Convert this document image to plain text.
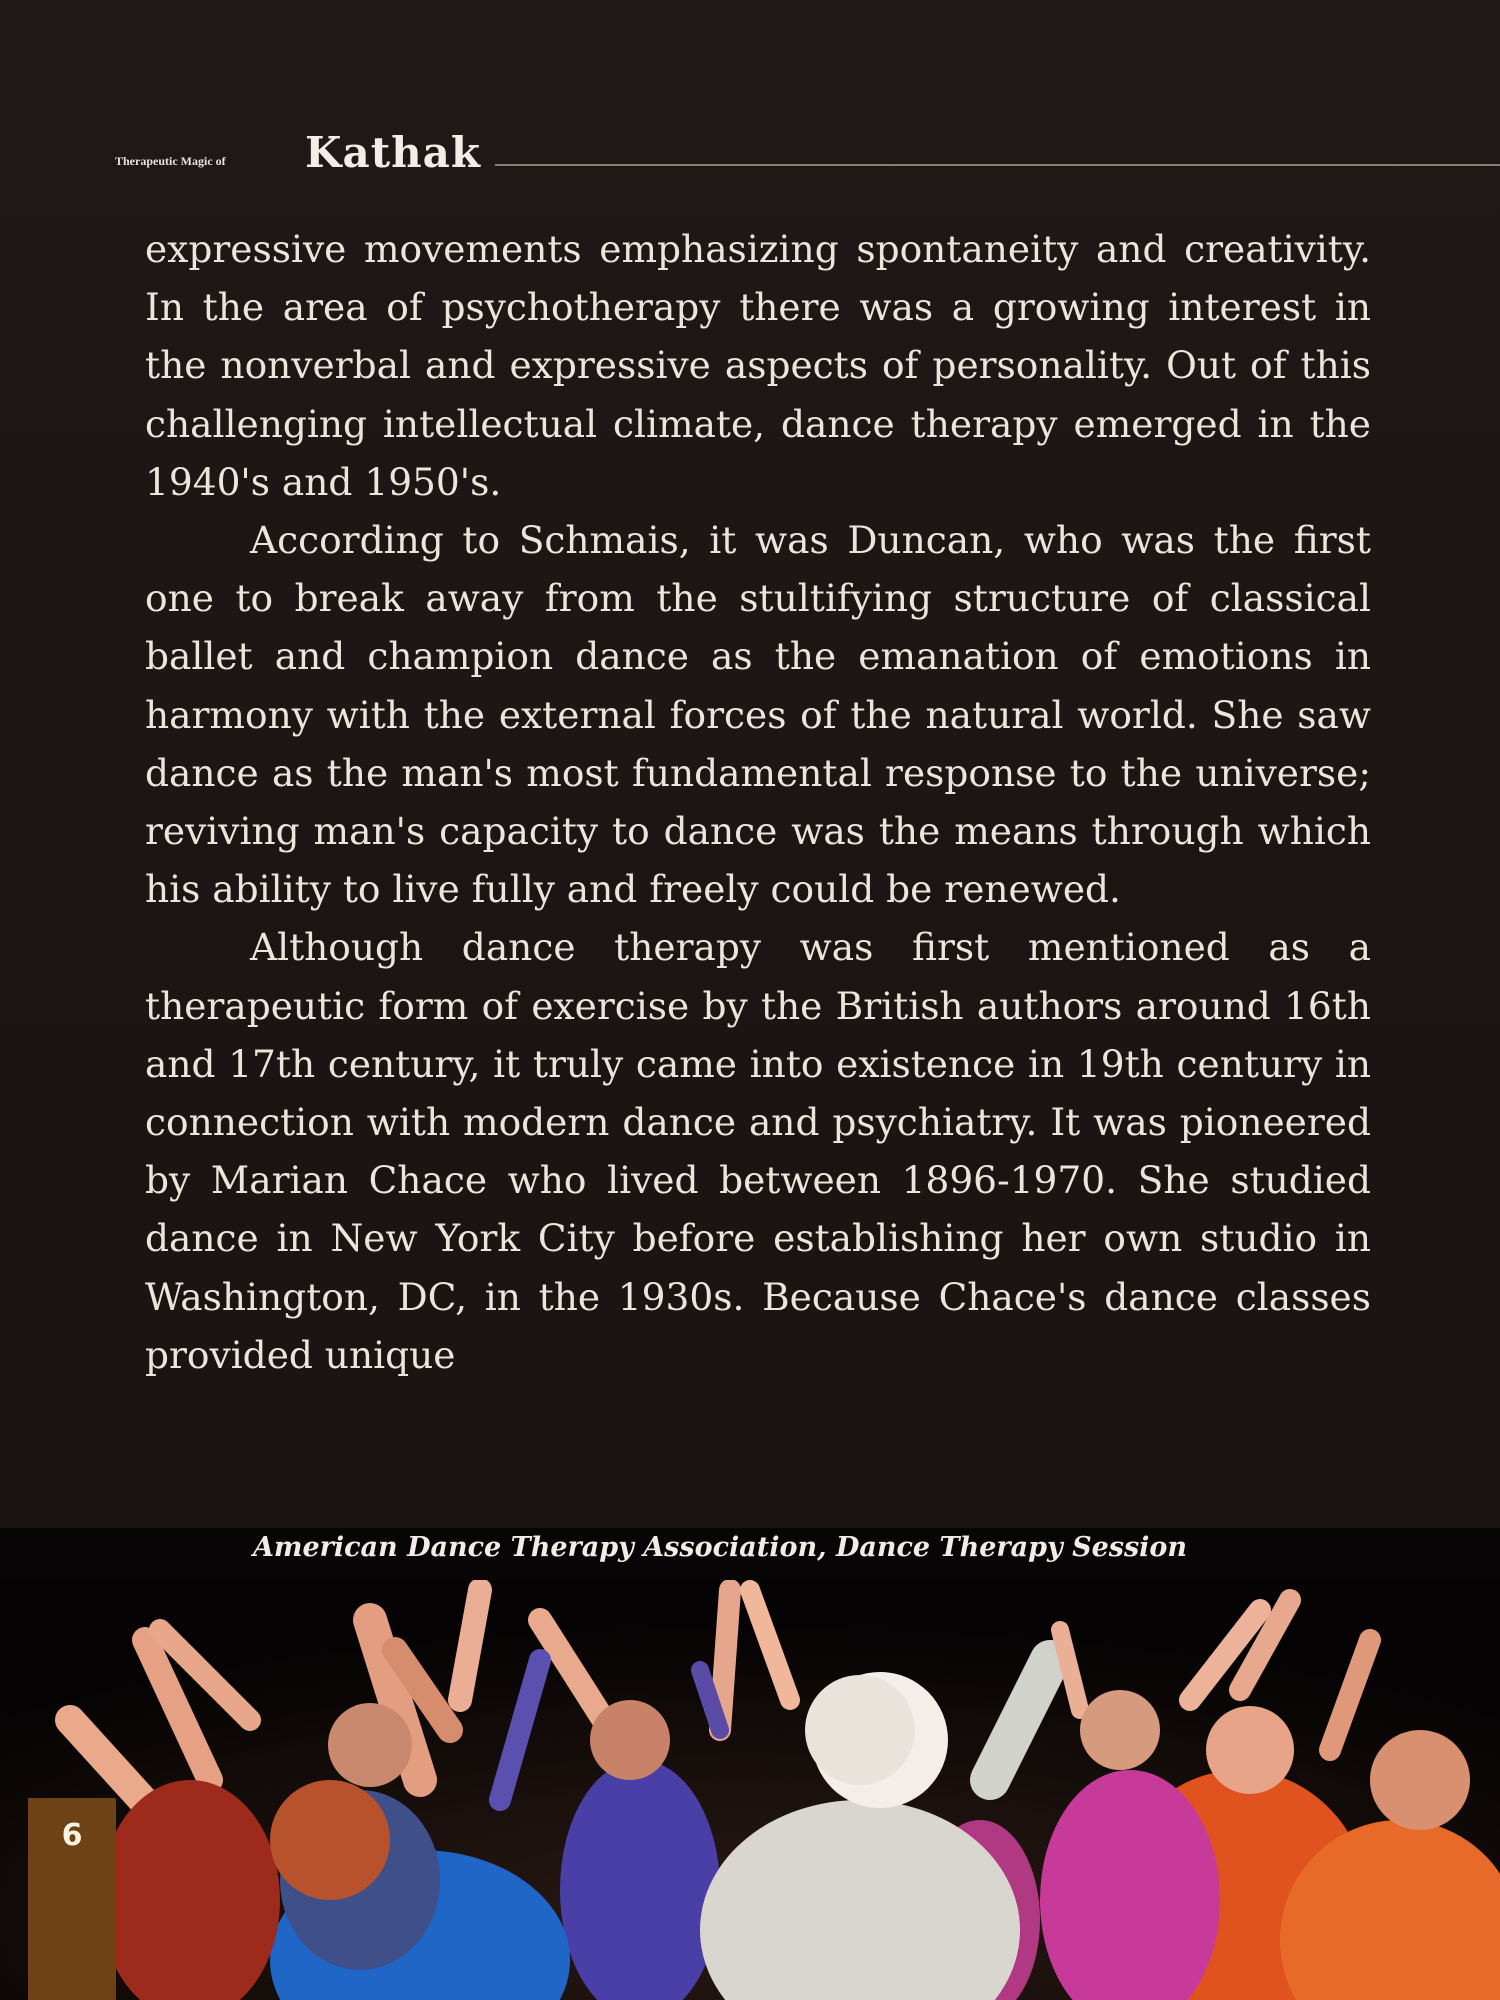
Therapeutic Magic of Kathak

expressive movements emphasizing spontaneity and creativity. In the area of psychotherapy there was a growing interest in the nonverbal and expressive aspects of personality. Out of this challenging intellectual climate, dance therapy emerged in the 1940's and 1950's.

According to Schmais, it was Duncan, who was the first one to break away from the stultifying structure of classical ballet and champion dance as the emanation of emotions in harmony with the external forces of the natural world. She saw dance as the man's most fundamental response to the universe; reviving man's capacity to dance was the means through which his ability to live fully and freely could be renewed.

Although dance therapy was first mentioned as a therapeutic form of exercise by the British authors around 16th and 17th century, it truly came into existence in 19th century in connection with modern dance and psychiatry. It was pioneered by Marian Chace who lived between 1896-1970. She studied dance in New York City before establishing her own studio in Washington, DC, in the 1930s. Because Chace's dance classes provided unique

American Dance Therapy Association, Dance Therapy Session
6
